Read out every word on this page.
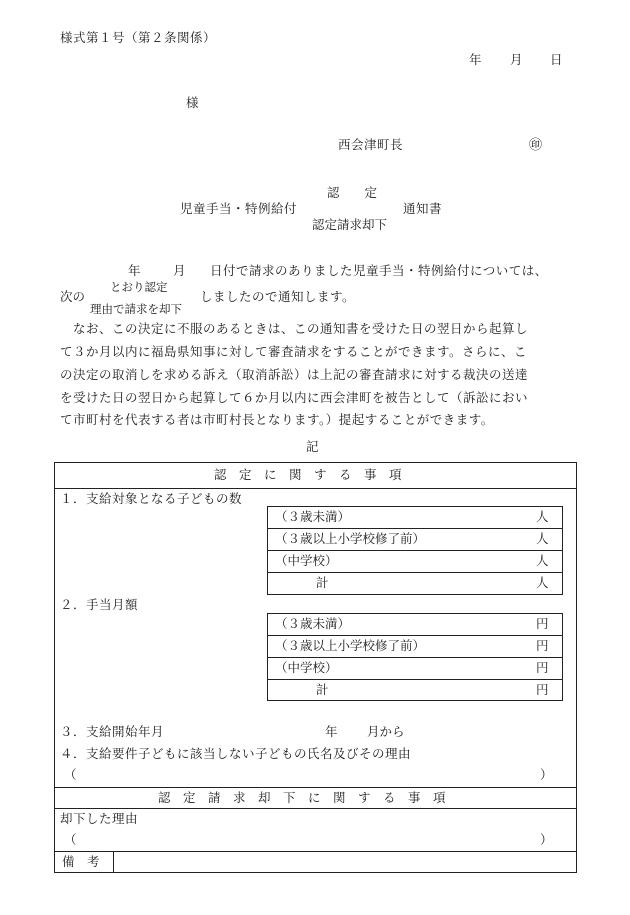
様式第１号（第２条関係）
年 月 日
様
西会津町長	㊞
認　　定
児童手当・特例給付
認定請求却下
通知書
年	月 日付で請求のありました児童手当・特例給付については、
とおり認定
次の
理由で請求を却下
しましたので通知します。
　なお、この決定に不服のあるときは、この通知書を受けた日の翌日から起算し
て３か月以内に福島県知事に対して審査請求をすることができます。さらに、こ
の決定の取消しを求める訴え（取消訴訟）は上記の審査請求に対する裁決の送達
を受けた日の翌日から起算して６か月以内に西会津町を被告として（訴訟におい
て市町村を代表する者は市町村長となります。）提起することができます。
記
認　定　に　関　す　る　事　項
１．支給対象となる子どもの数
（３歳未満）	人
（３歳以上小学校修了前）	人
（中学校）	人
計	人
２．手当月額
（３歳未満）	円
（３歳以上小学校修了前）	円
（中学校）	円
計	円
３．支給開始年月	年 月から
４．支給要件子どもに該当しない子どもの氏名及びその理由
（	）
認　定　請　求　却　下　に　関　す　る　事　項
却下した理由
（	）
備　考
